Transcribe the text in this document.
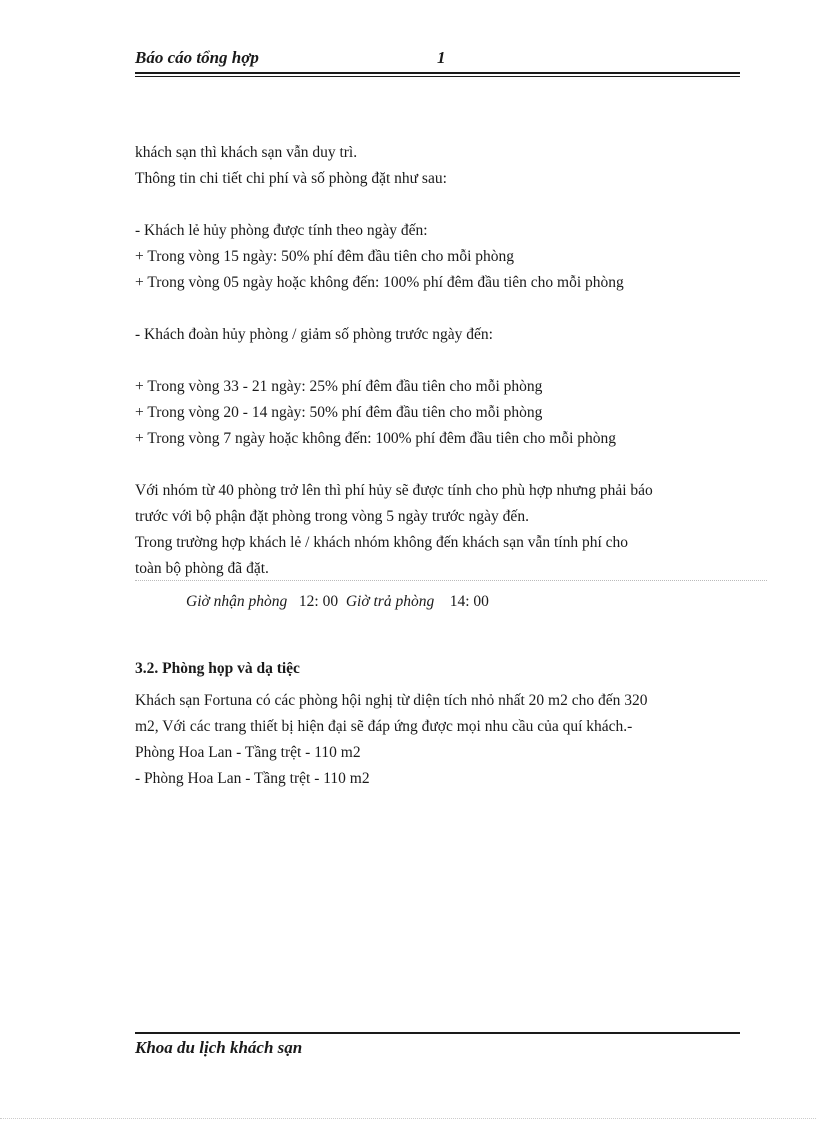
Báo cáo tổng hợp	1
khách sạn thì khách sạn vẫn duy trì.
Thông tin chi tiết chi phí và số phòng đặt như sau:
- Khách lẻ hủy phòng được tính theo ngày đến:
+ Trong vòng 15 ngày: 50% phí đêm đầu tiên cho mỗi phòng
+ Trong vòng 05 ngày hoặc không đến: 100% phí đêm đầu tiên cho mỗi phòng
- Khách đoàn hủy phòng / giảm số phòng trước ngày đến:
+ Trong vòng 33 - 21 ngày: 25% phí đêm đầu tiên cho mỗi phòng
+ Trong vòng 20 - 14 ngày: 50% phí đêm đầu tiên cho mỗi phòng
+ Trong vòng 7 ngày hoặc không đến: 100% phí đêm đầu tiên cho mỗi phòng
Với nhóm từ 40 phòng trở lên thì phí hủy sẽ được tính cho phù hợp nhưng phải báo
trước với bộ phận đặt phòng trong vòng 5 ngày trước ngày đến.
Trong trường hợp khách lẻ / khách nhóm không đến khách sạn vẫn tính phí cho
toàn bộ phòng đã đặt.
Giờ nhận phòng 12: 00 Giờ trả phòng 14: 00
3.2. Phòng họp và dạ tiệc
Khách sạn Fortuna có các phòng hội nghị từ diện tích nhỏ nhất 20 m2 cho đến 320
m2, Với các trang thiết bị hiện đại sẽ đáp ứng được mọi nhu cầu của quí khách.-
Phòng Hoa Lan - Tầng trệt - 110 m2
- Phòng Hoa Lan - Tầng trệt - 110 m2
Khoa du lịch khách sạn
